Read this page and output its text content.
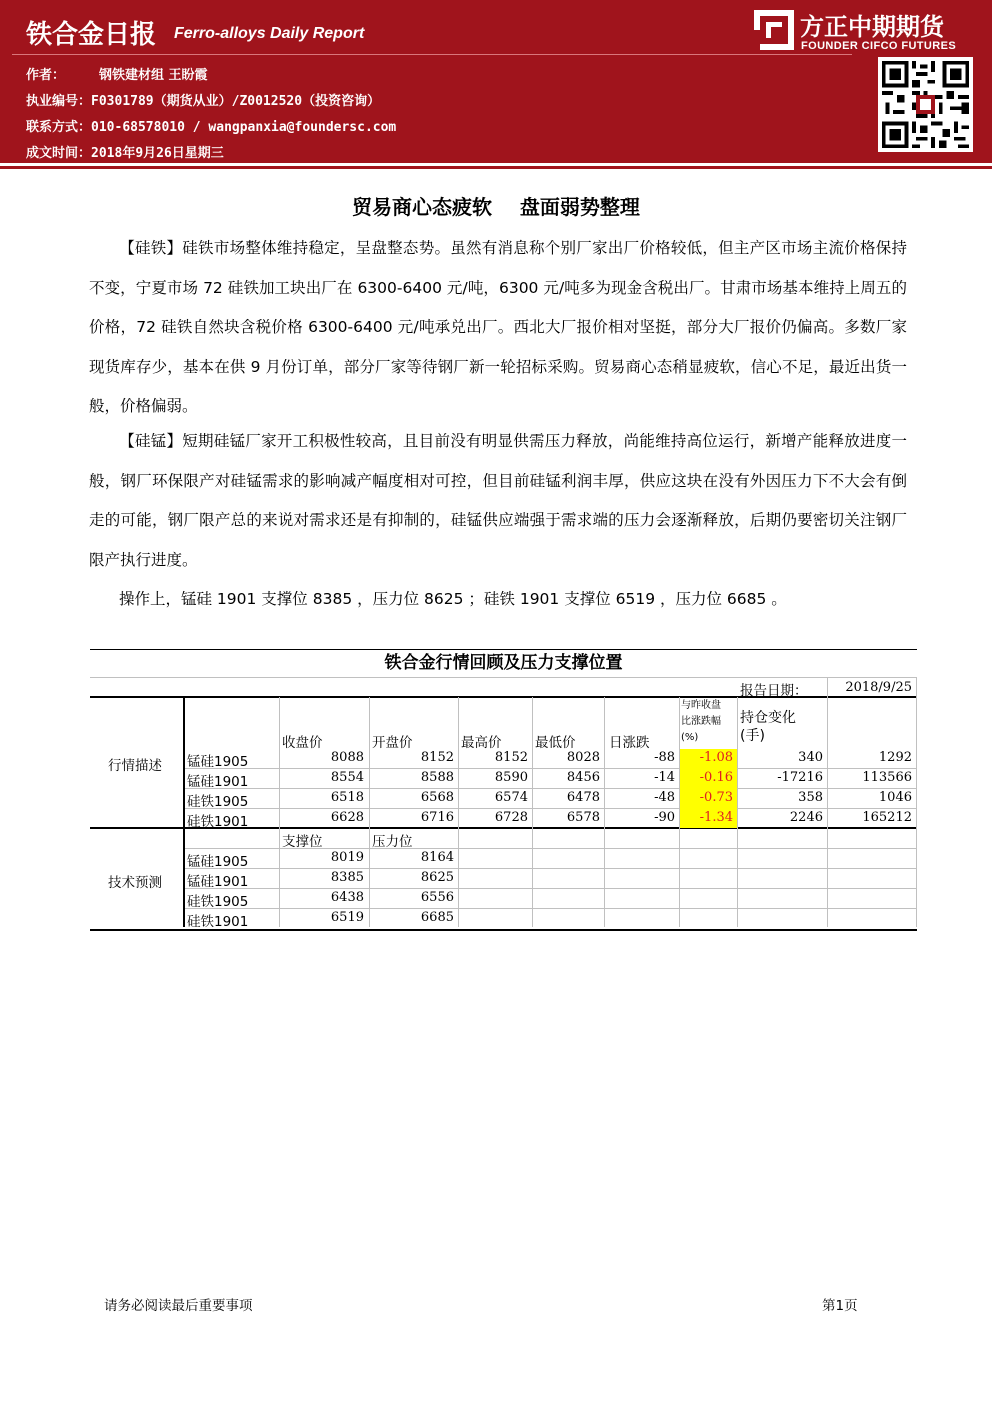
铁合金日报 Ferro-alloys Daily Report
作者：	钢铁建材组 王盼霞
执业编号：F0301789（期货从业）/Z0012520（投资咨询）
联系方式：010-68578010 / wangpanxia@foundersc.com
成文时间：2018年9月26日星期三
方正中期期货
FOUNDER CIFCO FUTURES
贸易商心态疲软    盘面弱势整理
【硅铁】硅铁市场整体维持稳定，呈盘整态势。虽然有消息称个别厂家出厂价格较低，但主产区市场主流价格保持不变，宁夏市场 72 硅铁加工块出厂在 6300-6400 元/吨，6300 元/吨多为现金含税出厂。甘肃市场基本维持上周五的价格，72 硅铁自然块含税价格 6300-6400 元/吨承兑出厂。西北大厂报价相对坚挺，部分大厂报价仍偏高。多数厂家现货库存少，基本在供 9 月份订单，部分厂家等待钢厂新一轮招标采购。贸易商心态稍显疲软，信心不足，最近出货一般，价格偏弱。
【硅锰】短期硅锰厂家开工积极性较高，且目前没有明显供需压力释放，尚能维持高位运行，新增产能释放进度一般，钢厂环保限产对硅锰需求的影响减产幅度相对可控，但目前硅锰利润丰厚，供应这块在没有外因压力下不大会有倒走的可能，钢厂限产总的来说对需求还是有抑制的，硅锰供应端强于需求端的压力会逐渐释放，后期仍要密切关注钢厂限产执行进度。
操作上，锰硅 1901 支撑位 8385 ，压力位 8625 ；硅铁 1901 支撑位 6519 ，压力位 6685 。
铁合金行情回顾及压力支撑位置
报告日期：	2018/9/25
行情描述
技术预测
收盘价	开盘价	最高价 最低价 日涨跌
与昨收盘
比涨跌幅
(%)
持仓变化
(手)
锰硅1905	8088	8152	8152	8028	-88	-1.08	340	1292
锰硅1901	8554	8588	8590	8456	-14	-0.16	-17216	113566
硅铁1905	6518	6568	6574	6478	-48	-0.73	358	1046
硅铁1901	6628	6716	6728	6578	-90	-1.34	2246	165212
支撑位	压力位
锰硅1905	8019	8164
锰硅1901	8385	8625
硅铁1905	6438	6556
硅铁1901	6519	6685
请务必阅读最后重要事项	第1页
